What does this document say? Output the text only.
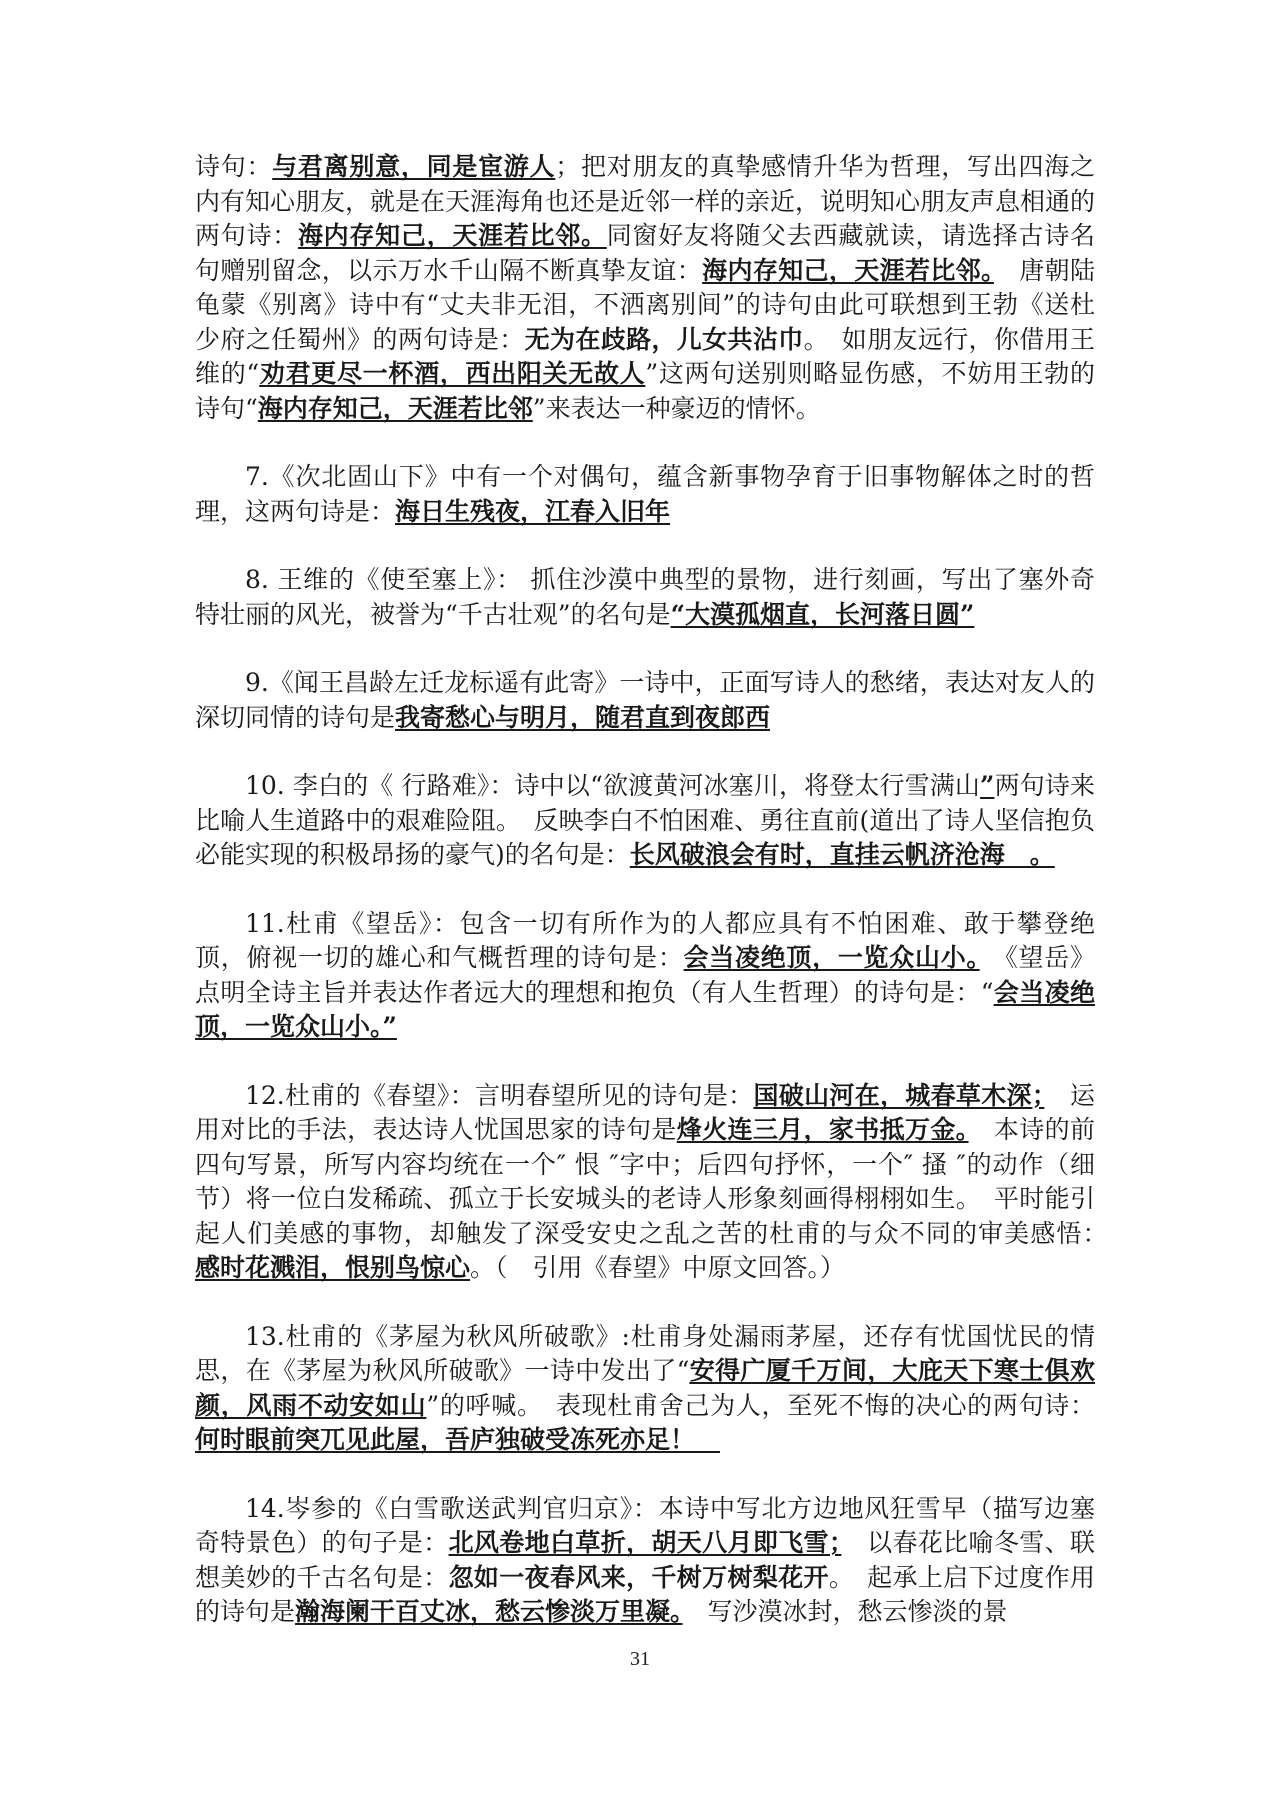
诗句：与君离别意，同是宦游人；把对朋友的真挚感情升华为哲理，写出四海之内有知心朋友，就是在天涯海角也还是近邻一样的亲近，说明知心朋友声息相通的两句诗：海内存知己，天涯若比邻。同窗好友将随父去西藏就读，请选择古诗名句赠别留念，以示万水千山隔不断真挚友谊：海内存知己，天涯若比邻。　唐朝陆龟蒙《别离》诗中有“丈夫非无泪，不洒离别间”的诗句由此可联想到王勃《送杜少府之任蜀州》的两句诗是：无为在歧路，儿女共沾巾。　如朋友远行，你借用王维的“劝君更尽一杯酒，西出阳关无故人”这两句送别则略显伤感，不妨用王勃的诗句“海内存知己，天涯若比邻”来表达一种豪迈的情怀。

7.《次北固山下》中有一个对偶句，蕴含新事物孕育于旧事物解体之时的哲理，这两句诗是：海日生残夜，江春入旧年

8. 王维的《使至塞上》： 抓住沙漠中典型的景物，进行刻画，写出了塞外奇特壮丽的风光，被誉为“千古壮观”的名句是“大漠孤烟直，长河落日圆”

9.《闻王昌龄左迁龙标遥有此寄》一诗中，正面写诗人的愁绪，表达对友人的深切同情的诗句是我寄愁心与明月，随君直到夜郎西

10. 李白的《 行路难》：诗中以“欲渡黄河冰塞川，将登太行雪满山”两句诗来比喻人生道路中的艰难险阻。　反映李白不怕困难、勇往直前(道出了诗人坚信抱负必能实现的积极昂扬的豪气)的名句是：长风破浪会有时，直挂云帆济沧海　。

11.杜甫《望岳》：包含一切有所作为的人都应具有不怕困难、敢于攀登绝顶，俯视一切的雄心和气概哲理的诗句是：会当凌绝顶，一览众山小。　《望岳》点明全诗主旨并表达作者远大的理想和抱负（有人生哲理）的诗句是：“会当凌绝顶，一览众山小。”

12.杜甫的《春望》：言明春望所见的诗句是：国破山河在，城春草木深；　运用对比的手法，表达诗人忧国思家的诗句是烽火连三月，家书抵万金。　本诗的前四句写景，所写内容均统在一个″ 恨 ″字中；后四句抒怀，一个″ 搔 ″的动作（细节）将一位白发稀疏、孤立于长安城头的老诗人形象刻画得栩栩如生。　平时能引起人们美感的事物，却触发了深受安史之乱之苦的杜甫的与众不同的审美感悟：　感时花溅泪，恨别鸟惊心。（　引用《春望》中原文回答。）

13.杜甫的《茅屋为秋风所破歌》:杜甫身处漏雨茅屋，还存有忧国忧民的情思，在《茅屋为秋风所破歌》一诗中发出了“安得广厦千万间，大庇天下寒士俱欢颜，风雨不动安如山”的呼喊。　表现杜甫舍己为人，至死不悔的决心的两句诗：何时眼前突兀见此屋，吾庐独破受冻死亦足！　

14.岑参的《白雪歌送武判官归京》：本诗中写北方边地风狂雪早（描写边塞奇特景色）的句子是：北风卷地白草折，胡天八月即飞雪；　以春花比喻冬雪、联想美妙的千古名句是：忽如一夜春风来，千树万树梨花开。　起承上启下过度作用的诗句是瀚海阑干百丈冰，愁云惨淡万里凝。　写沙漠冰封，愁云惨淡的景

31
